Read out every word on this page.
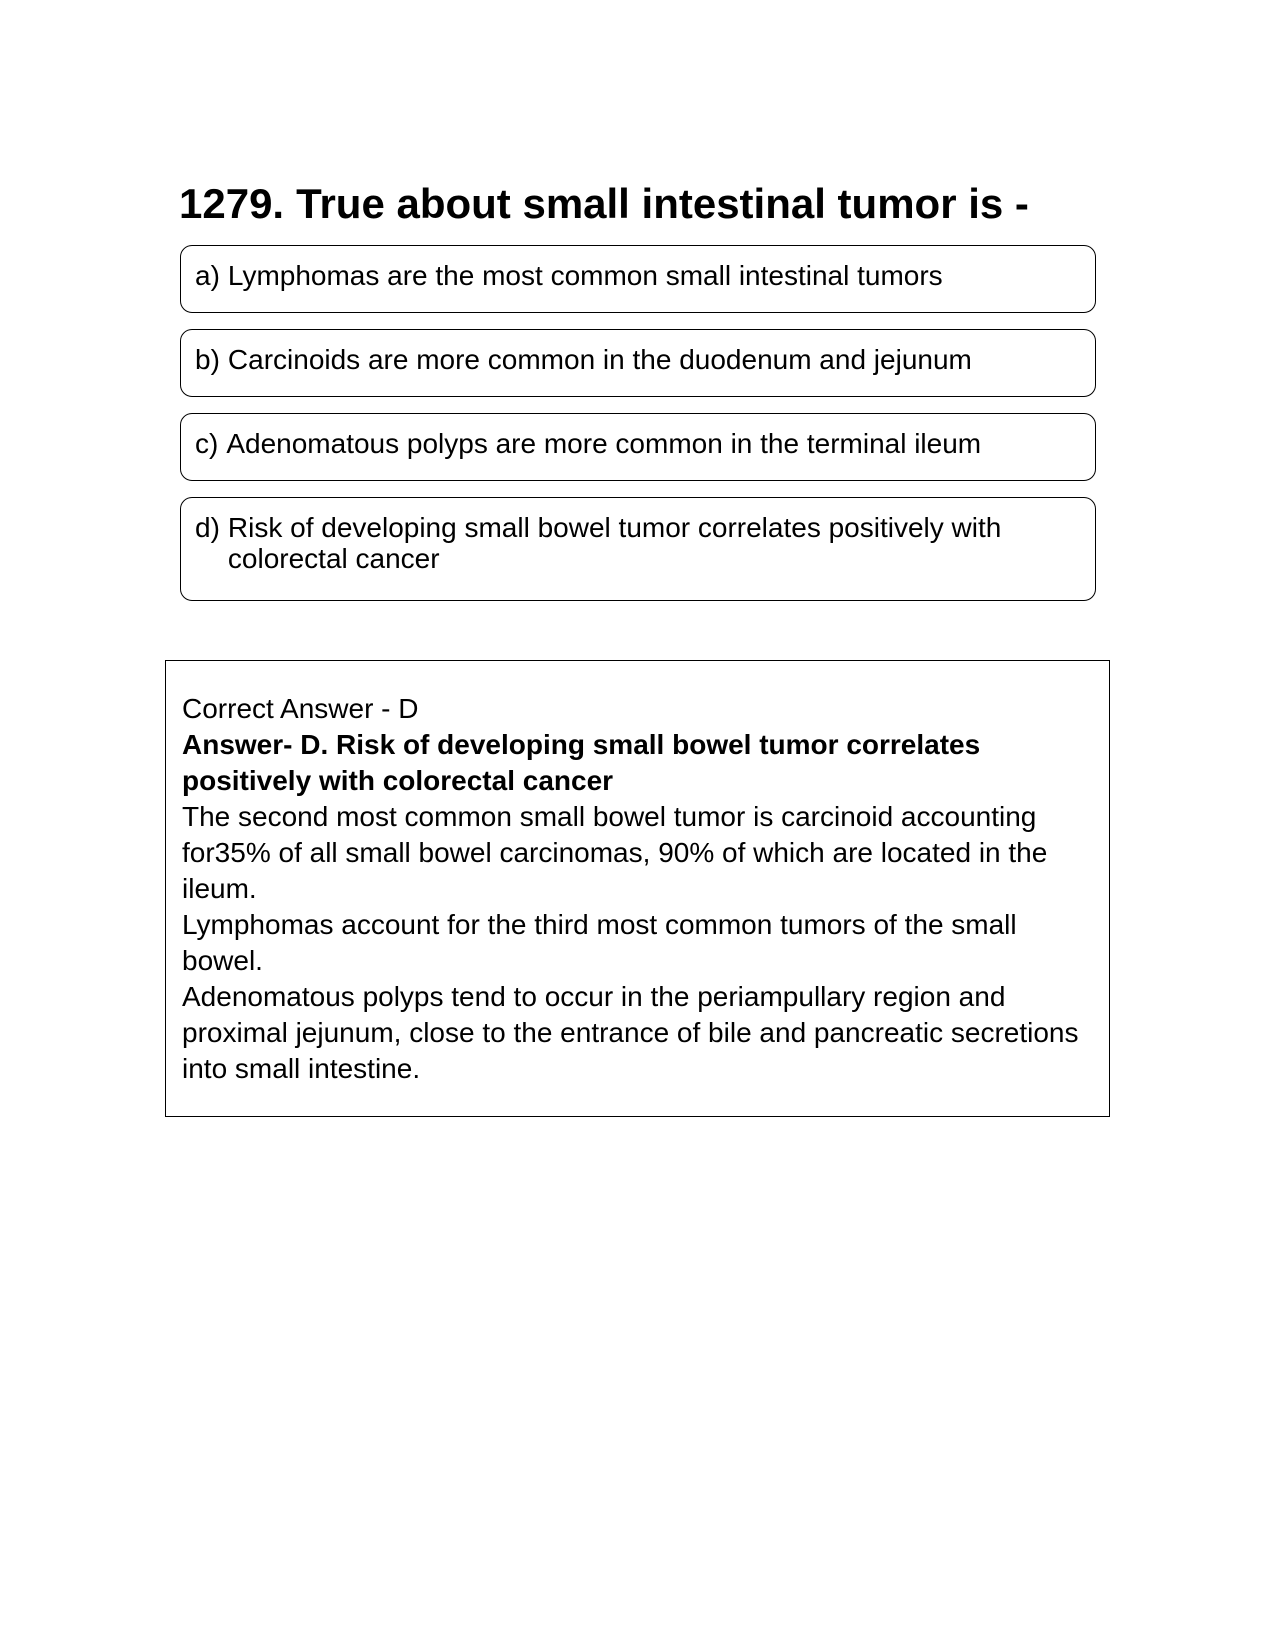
1279. True about small intestinal tumor is -
a) Lymphomas are the most common small intestinal tumors
b) Carcinoids are more common in the duodenum and jejunum
c) Adenomatous polyps are more common in the terminal ileum
d) Risk of developing small bowel tumor correlates positively with colorectal cancer

Correct Answer - D

Answer- D. Risk of developing small bowel tumor correlates positively with colorectal cancer

The second most common small bowel tumor is carcinoid accounting for35% of all small bowel carcinomas, 90% of which are located in the ileum.

Lymphomas account for the third most common tumors of the small bowel.

Adenomatous polyps tend to occur in the periampullary region and proximal jejunum, close to the entrance of bile and pancreatic secretions into small intestine.
